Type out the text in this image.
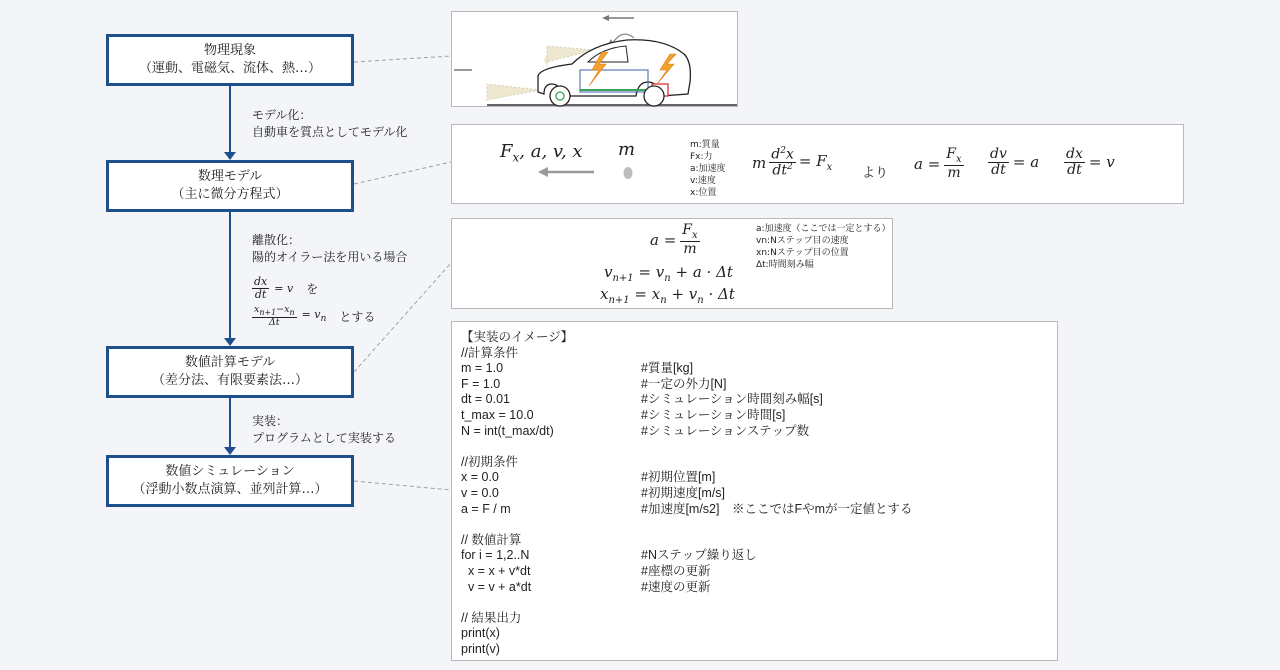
物理現象
（運動、電磁気、流体、熱…）
数理モデル
（主に微分方程式）
数値計算モデル
（差分法、有限要素法…）
数値シミュレーション
（浮動小数点演算、並列計算…）
モデル化：
自動車を質点としてモデル化
離散化：
陽的オイラー法を用いる場合
$\frac{dx}{dt} = v$ を
$\frac{x_{n+1}-x_n}{\Delta t} = v_n$ とする
実装：
プログラムとして実装する
$F_x$, a, v, x m	m:質量
Fx:力
a:加速度
v:速度
x:位置
m $\frac{d^2x}{dt^2} = F_x$ より
$a = \frac{F_x}{m} \frac{dv}{dt} = a \frac{dx}{dt} = v$
$a = \frac{F_x}{m}$
$v_{n+1} = v_n + a \cdot \Delta t$
$x_{n+1} = x_n + v_n \cdot \Delta t$
a:加速度（ここでは一定とする）
vn:Nステップ目の速度
xn:Nステップ目の位置
Δt:時間刻み幅
【実装のイメージ】
//計算条件
m = 1.0	#質量[kg]
F = 1.0	#一定の外力[N]
dt = 0.01	#シミュレーション時間刻み幅[s]
t_max = 10.0	#シミュレーション時間[s]
N = int(t_max/dt)	#シミュレーションステップ数
//初期条件
x = 0.0	#初期位置[m]
v = 0.0	#初期速度[m/s]
a = F / m	#加速度[m/s2]　※ここではFやmが一定値とする
// 数値計算
for i = 1,2..N	#Nステップ繰り返し
x = x + v*dt	#座標の更新
v = v + a*dt	#速度の更新
// 結果出力
print(x)
print(v)
